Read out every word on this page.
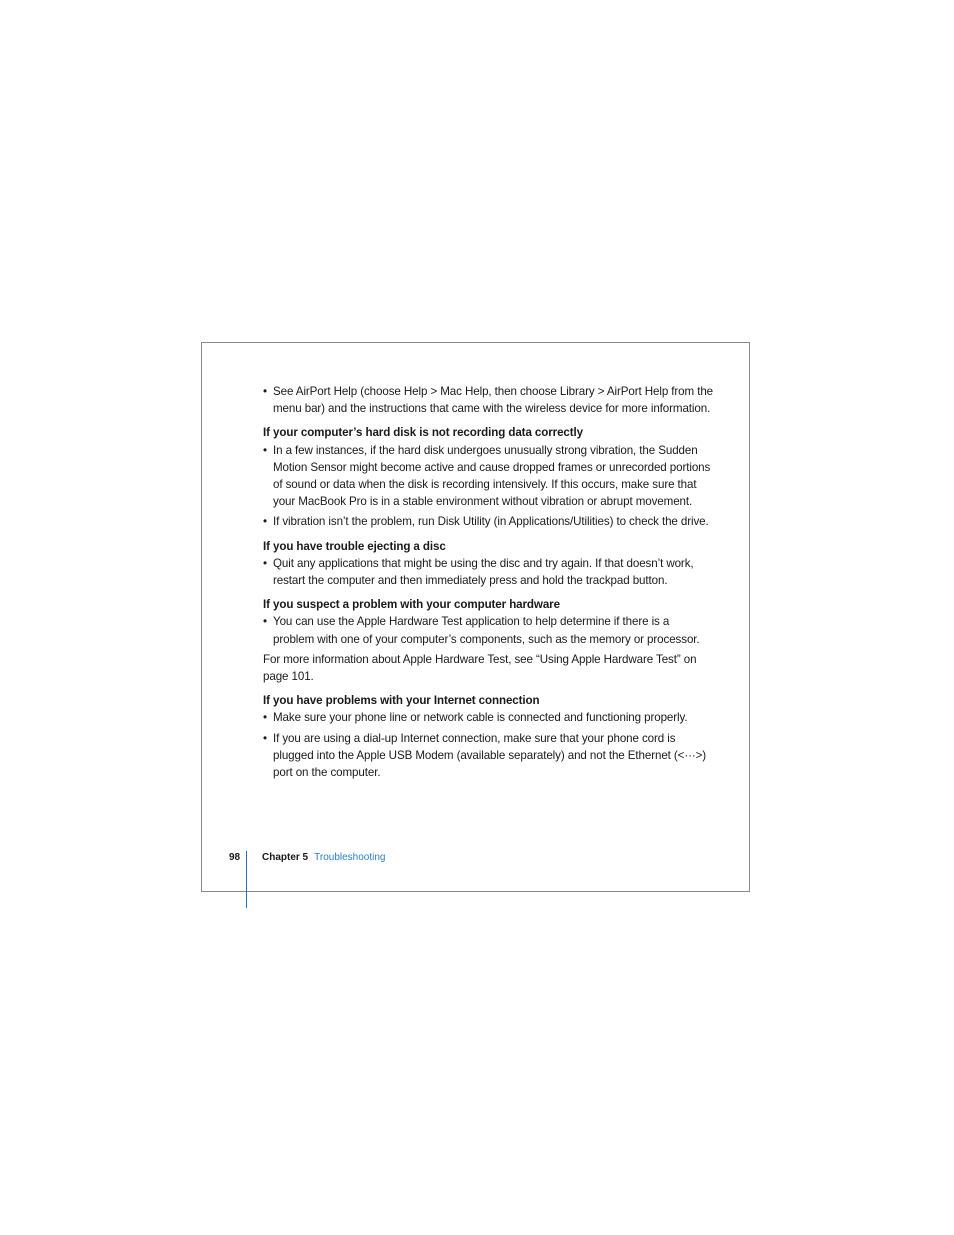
• See AirPort Help (choose Help > Mac Help, then choose Library > AirPort Help from the menu bar) and the instructions that came with the wireless device for more information.
If your computer’s hard disk is not recording data correctly
• In a few instances, if the hard disk undergoes unusually strong vibration, the Sudden Motion Sensor might become active and cause dropped frames or unrecorded portions of sound or data when the disk is recording intensively. If this occurs, make sure that your MacBook Pro is in a stable environment without vibration or abrupt movement.
• If vibration isn’t the problem, run Disk Utility (in Applications/Utilities) to check the drive.
If you have trouble ejecting a disc
• Quit any applications that might be using the disc and try again. If that doesn’t work, restart the computer and then immediately press and hold the trackpad button.
If you suspect a problem with your computer hardware
• You can use the Apple Hardware Test application to help determine if there is a problem with one of your computer’s components, such as the memory or processor.
For more information about Apple Hardware Test, see “Using Apple Hardware Test” on page 101.
If you have problems with your Internet connection
• Make sure your phone line or network cable is connected and functioning properly.
• If you are using a dial-up Internet connection, make sure that your phone cord is plugged into the Apple USB Modem (available separately) and not the Ethernet (<···>) port on the computer.
98 Chapter 5 Troubleshooting
